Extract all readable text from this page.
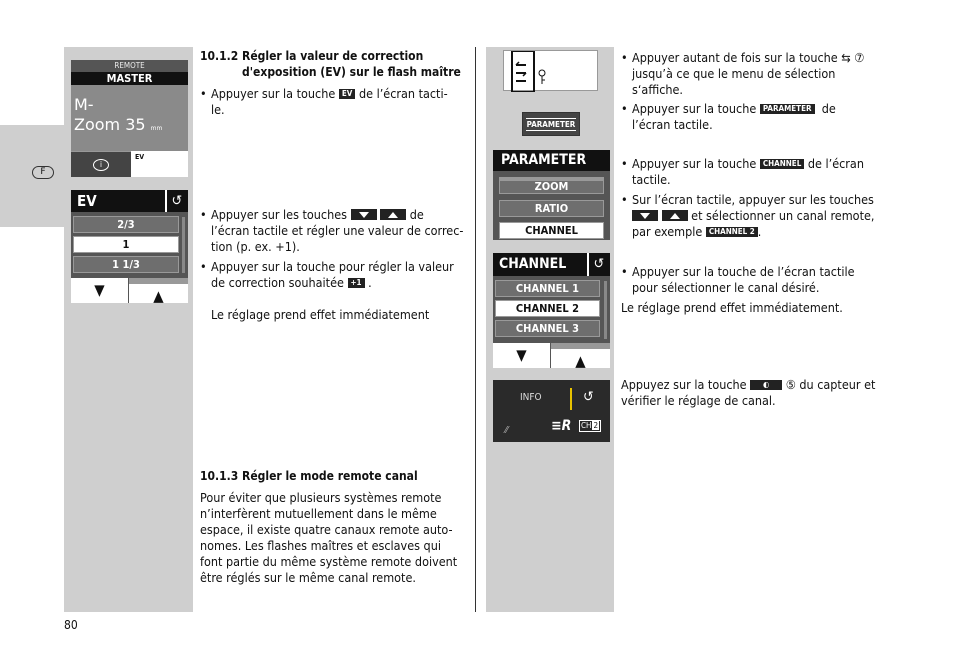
F
REMOTE
MASTER
M-
Zoom 35 mm
i
EV
EV	↺
2/3
1
1 1/3
▼	▲
10.1.2 Régler la valeur de correction
d'exposition (EV) sur le flash maître
• Appuyer sur la touche EV de l’écran tacti-
le.
• Appuyer sur les touches	de
l’écran tactile et régler une valeur de correc-
tion (p. ex. +1).
• Appuyer sur la touche pour régler la valeur
de correction souhaitée +1 .
Le réglage prend effet immédiatement
10.1.3 Régler le mode remote canal
Pour éviter que plusieurs systèmes remote
n’interfèrent mutuellement dans le même
espace, il existe quatre canaux remote auto-
nomes. Les flashes maîtres et esclaves qui
font partie du même système remote doivent
être réglés sur le même canal remote.
PARAMETER
PARAMETER
ZOOM
RATIO
CHANNEL
CHANNEL	↺
CHANNEL 1
CHANNEL 2
CHANNEL 3
▼	▲
INFO	↺
⁄⁄	≡R CH 2
• Appuyer autant de fois sur la touche ⇆ ⑦
jusqu’à ce que le menu de sélection
s‘affiche.
• Appuyer sur la touche PARAMETER de
l’écran tactile.
• Appuyer sur la touche CHANNEL de l’écran
tactile.
• Sur l’écran tactile, appuyer sur les touches
et sélectionner un canal remote,
par exemple CHANNEL 2 .
• Appuyer sur la touche de l’écran tactile
pour sélectionner le canal désiré.
Le réglage prend effet immédiatement.
Appuyez sur la touche ◐ ⑤ du capteur et
vérifier le réglage de canal.
80
